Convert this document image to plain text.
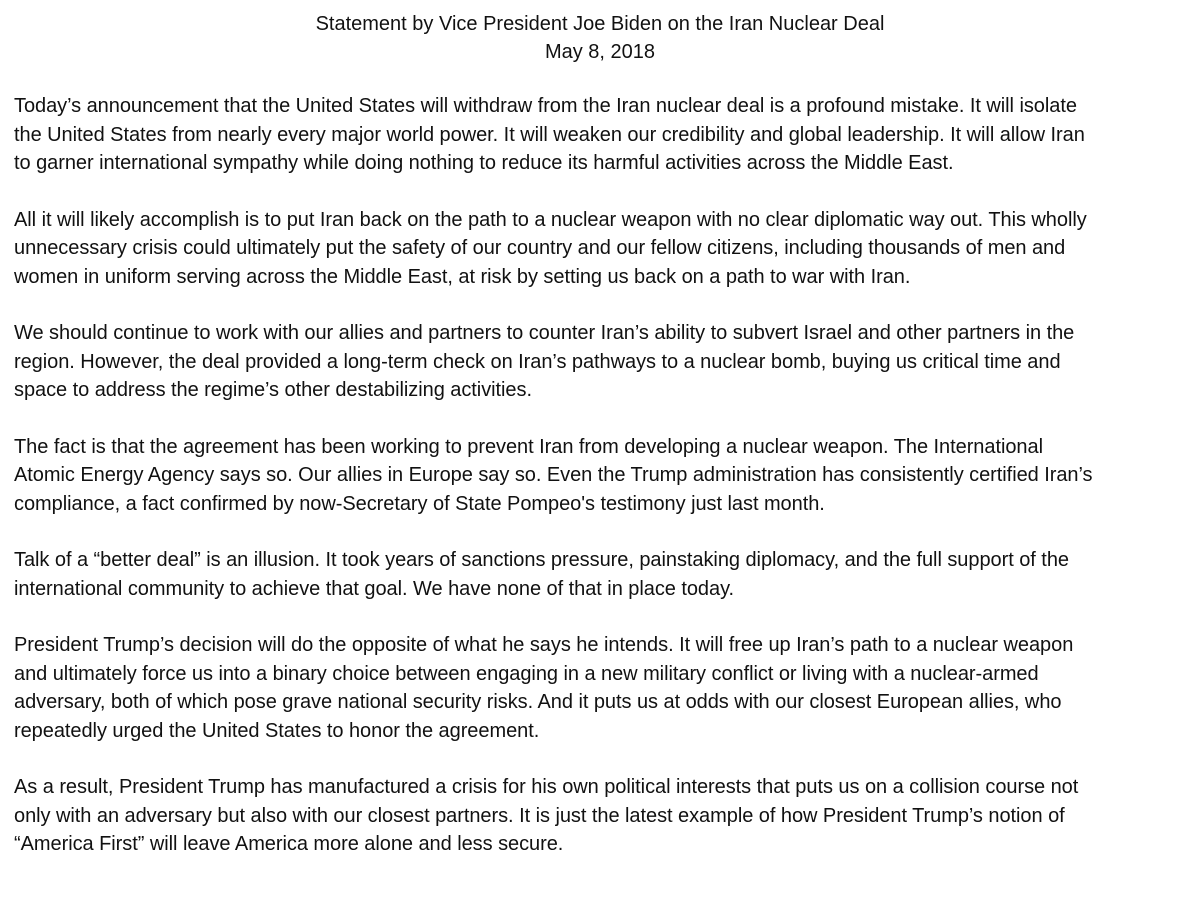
Statement by Vice President Joe Biden on the Iran Nuclear Deal
May 8, 2018
Today’s announcement that the United States will withdraw from the Iran nuclear deal is a profound mistake. It will isolate
the United States from nearly every major world power. It will weaken our credibility and global leadership. It will allow Iran
to garner international sympathy while doing nothing to reduce its harmful activities across the Middle East.
All it will likely accomplish is to put Iran back on the path to a nuclear weapon with no clear diplomatic way out. This wholly
unnecessary crisis could ultimately put the safety of our country and our fellow citizens, including thousands of men and
women in uniform serving across the Middle East, at risk by setting us back on a path to war with Iran.
We should continue to work with our allies and partners to counter Iran’s ability to subvert Israel and other partners in the
region. However, the deal provided a long-term check on Iran’s pathways to a nuclear bomb, buying us critical time and
space to address the regime’s other destabilizing activities.
The fact is that the agreement has been working to prevent Iran from developing a nuclear weapon. The International
Atomic Energy Agency says so. Our allies in Europe say so. Even the Trump administration has consistently certified Iran’s
compliance, a fact confirmed by now-Secretary of State Pompeo's testimony just last month.
Talk of a “better deal” is an illusion. It took years of sanctions pressure, painstaking diplomacy, and the full support of the
international community to achieve that goal. We have none of that in place today.
President Trump’s decision will do the opposite of what he says he intends. It will free up Iran’s path to a nuclear weapon
and ultimately force us into a binary choice between engaging in a new military conflict or living with a nuclear-armed
adversary, both of which pose grave national security risks. And it puts us at odds with our closest European allies, who
repeatedly urged the United States to honor the agreement.
As a result, President Trump has manufactured a crisis for his own political interests that puts us on a collision course not
only with an adversary but also with our closest partners. It is just the latest example of how President Trump’s notion of
“America First” will leave America more alone and less secure.
